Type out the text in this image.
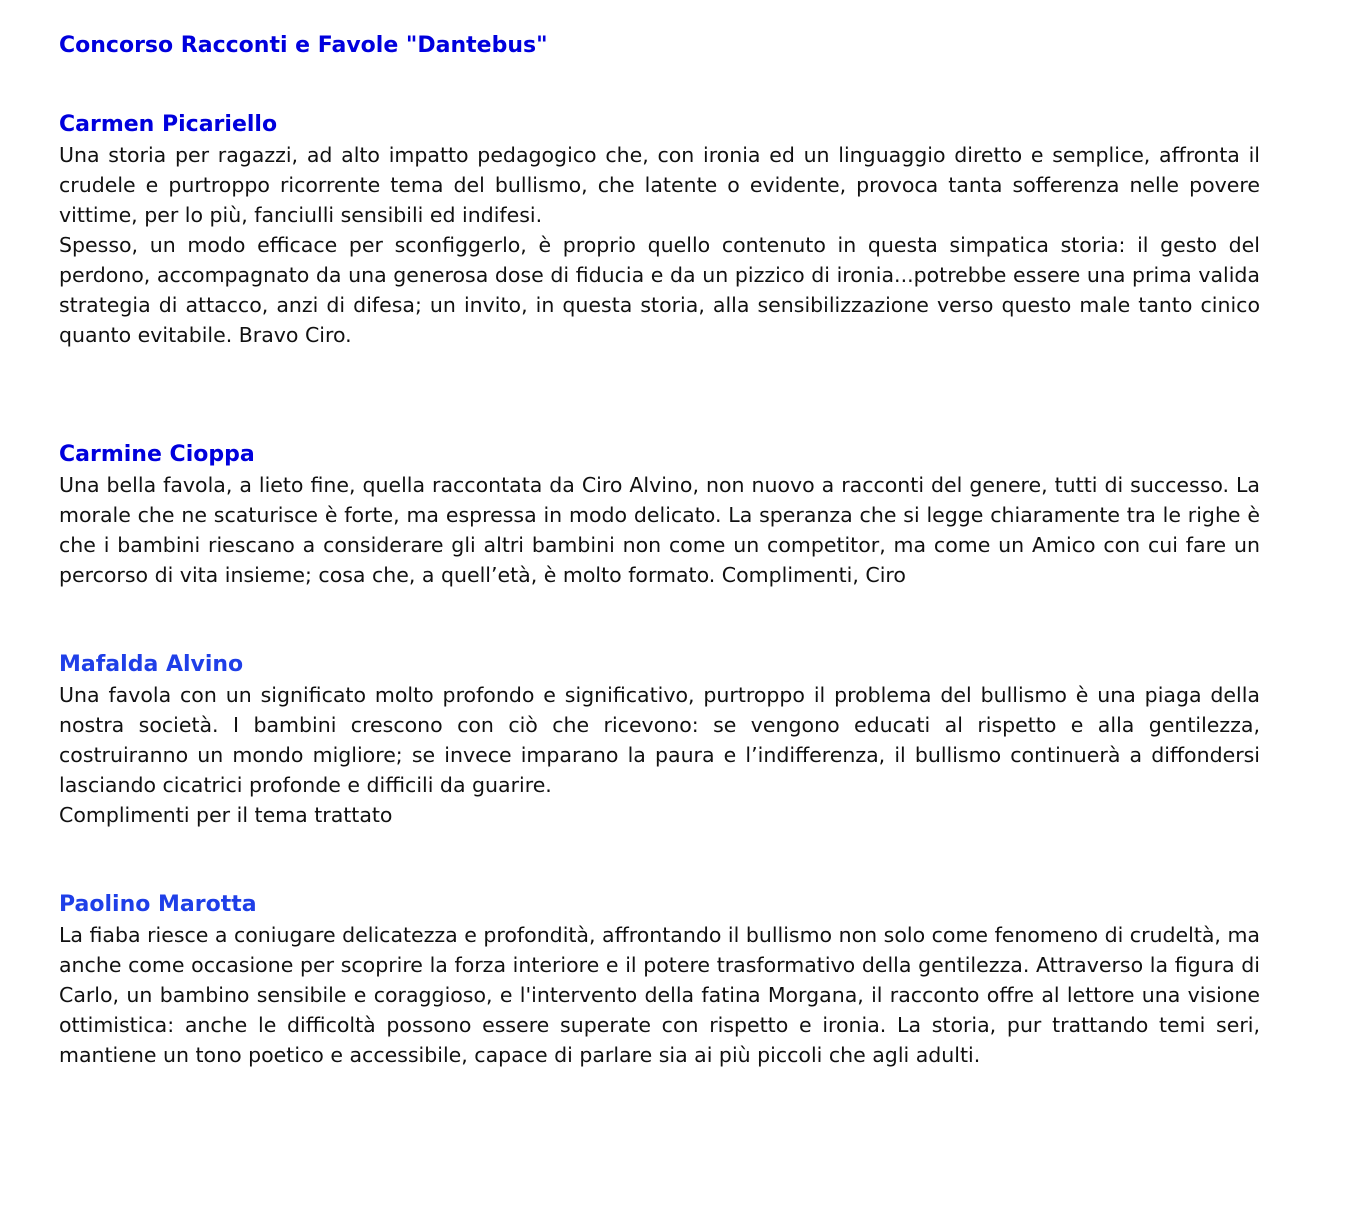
Concorso Racconti e Favole "Dantebus"
Carmen Picariello

Una storia per ragazzi, ad alto impatto pedagogico che, con ironia ed un linguaggio diretto e semplice, affronta il crudele e purtroppo ricorrente tema del bullismo, che latente o evidente, provoca tanta sofferenza nelle povere vittime, per lo più, fanciulli sensibili ed indifesi.

Spesso, un modo efficace per sconfiggerlo, è proprio quello contenuto in questa simpatica storia: il gesto del perdono, accompagnato da una generosa dose di fiducia e da un pizzico di ironia...potrebbe essere una prima valida strategia di attacco, anzi di difesa; un invito, in questa storia, alla sensibilizzazione verso questo male tanto cinico quanto evitabile. Bravo Ciro.

Carmine Cioppa

Una bella favola, a lieto fine, quella raccontata da Ciro Alvino, non nuovo a racconti del genere, tutti di successo. La morale che ne scaturisce è forte, ma espressa in modo delicato. La speranza che si legge chiaramente tra le righe è che i bambini riescano a considerare gli altri bambini non come un competitor, ma come un Amico con cui fare un percorso di vita insieme; cosa che, a quell’età, è molto formato. Complimenti, Ciro

Mafalda Alvino

Una favola con un significato molto profondo e significativo, purtroppo il problema del bullismo è una piaga della nostra società. I bambini crescono con ciò che ricevono: se vengono educati al rispetto e alla gentilezza, costruiranno un mondo migliore; se invece imparano la paura e l’indifferenza, il bullismo continuerà a diffondersi lasciando cicatrici profonde e difficili da guarire.

Complimenti per il tema trattato

Paolino Marotta

La fiaba riesce a coniugare delicatezza e profondità, affrontando il bullismo non solo come fenomeno di crudeltà, ma anche come occasione per scoprire la forza interiore e il potere trasformativo della gentilezza. Attraverso la figura di Carlo, un bambino sensibile e coraggioso, e l'intervento della fatina Morgana, il racconto offre al lettore una visione ottimistica: anche le difficoltà possono essere superate con rispetto e ironia. La storia, pur trattando temi seri, mantiene un tono poetico e accessibile, capace di parlare sia ai più piccoli che agli adulti.
